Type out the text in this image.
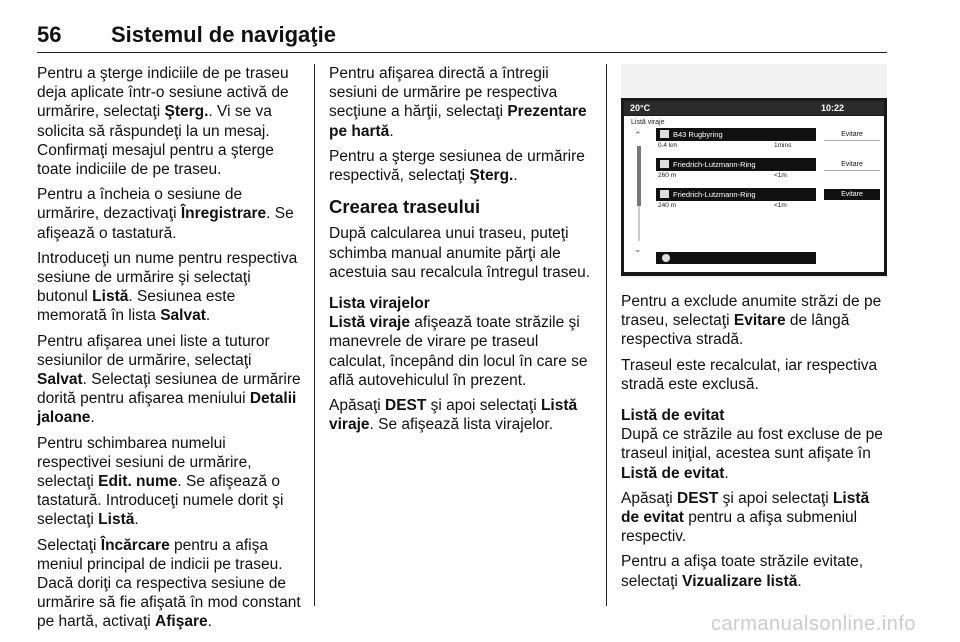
56 Sistemul de navigaţie

Pentru a şterge indiciile de pe traseu deja aplicate într-o sesiune activă de urmărire, selectaţi Şterg.. Vi se va solicita să răspundeţi la un mesaj. Confirmaţi mesajul pentru a şterge toate indiciile de pe traseu.

Pentru a încheia o sesiune de urmărire, dezactivaţi Înregistrare. Se afişează o tastatură.

Introduceţi un nume pentru respectiva sesiune de urmărire şi selectaţi butonul Listă. Sesiunea este memorată în lista Salvat.

Pentru afişarea unei liste a tuturor sesiunilor de urmărire, selectaţi Salvat. Selectaţi sesiunea de urmărire dorită pentru afişarea meniului Detalii jaloane.

Pentru schimbarea numelui respectivei sesiuni de urmărire, selectaţi Edit. nume. Se afişează o tastatură. Introduceţi numele dorit şi selectaţi Listă.

Selectaţi Încărcare pentru a afişa meniul principal de indicii pe traseu. Dacă doriţi ca respectiva sesiune de urmărire să fie afişată în mod constant pe hartă, activaţi Afişare.

Pentru afişarea directă a întregii sesiuni de urmărire pe respectiva secţiune a hărţii, selectaţi Prezentare pe hartă.

Pentru a şterge sesiunea de urmărire respectivă, selectaţi Şterg..

Crearea traseului

După calcularea unui traseu, puteţi schimba manual anumite părţi ale acestuia sau recalcula întregul traseu.

Lista virajelor

Listă viraje afişează toate străzile şi manevrele de virare pe traseul calculat, începând din locul în care se află autovehiculul în prezent.

Apăsaţi DEST şi apoi selectaţi Listă viraje. Se afişează lista virajelor.

20°C	10:22
Listă viraje
⌃
⌄
B43 Rugbyring
0.4 km	1mins
Evitare
Friedrich-Lutzmann-Ring
260 m	<1m
Evitare
Friedrich-Lutzmann-Ring
240 m	<1m
Evitare

Pentru a exclude anumite străzi de pe traseu, selectaţi Evitare de lângă respectiva stradă.

Traseul este recalculat, iar respectiva stradă este exclusă.

Listă de evitat

După ce străzile au fost excluse de pe traseul iniţial, acestea sunt afişate în Listă de evitat.

Apăsaţi DEST şi apoi selectaţi Listă de evitat pentru a afişa submeniul respectiv.

Pentru a afişa toate străzile evitate, selectaţi Vizualizare listă.

carmanualsonline.info
